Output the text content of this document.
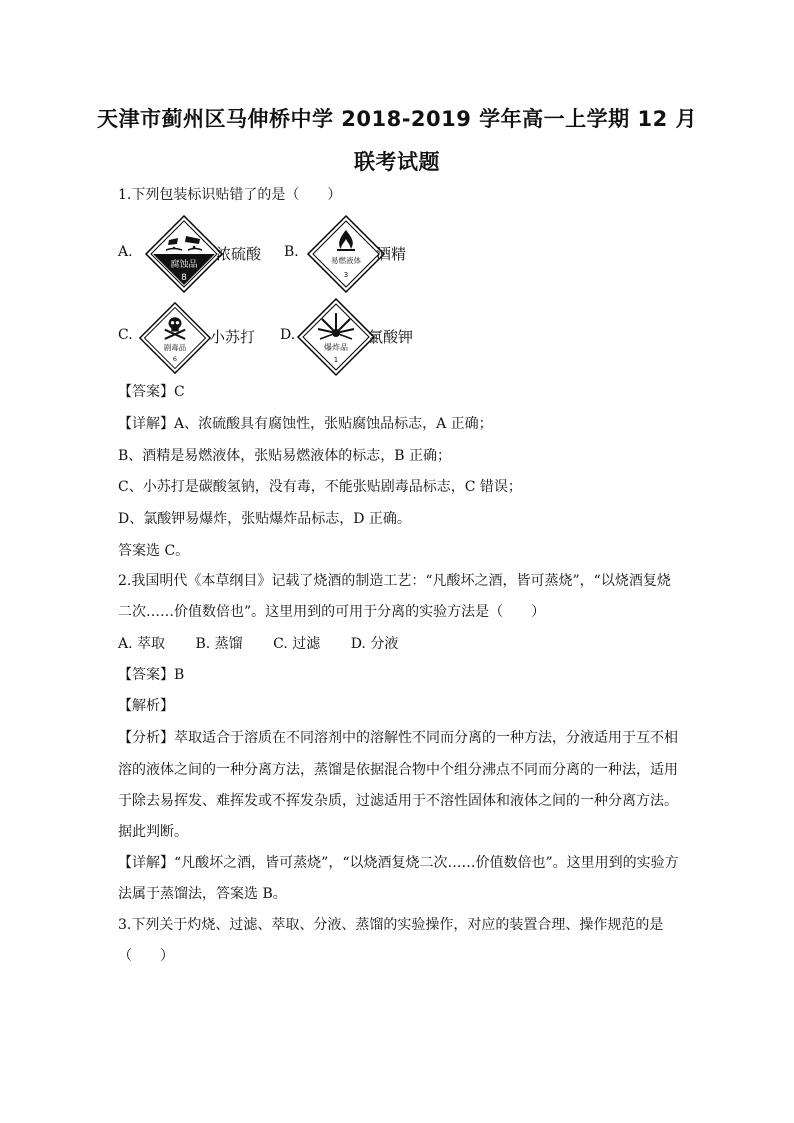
天津市蓟州区马伸桥中学 2018-2019 学年高一上学期 12 月
联考试题
1.下列包装标识贴错了的是（　　）
A.
腐蚀品
8
浓硫酸 B.
易燃液体
3
酒精
C.
剧毒品
6
小苏打 D.
爆炸品
1
氯酸钾
【答案】C
【详解】A、浓硫酸具有腐蚀性，张贴腐蚀品标志，A 正确；
B、酒精是易燃液体，张贴易燃液体的标志，B 正确；
C、小苏打是碳酸氢钠，没有毒，不能张贴剧毒品标志，C 错误；
D、氯酸钾易爆炸，张贴爆炸品标志，D 正确。
答案选 C。
2.我国明代《本草纲目》记载了烧酒的制造工艺：“凡酸坏之酒，皆可蒸烧”，“以烧酒复烧
二次……价值数倍也”。这里用到的可用于分离的实验方法是（　　）
A. 萃取 B. 蒸馏 C. 过滤 D. 分液
【答案】B
【解析】
【分析】萃取适合于溶质在不同溶剂中的溶解性不同而分离的一种方法，分液适用于互不相
溶的液体之间的一种分离方法，蒸馏是依据混合物中个组分沸点不同而分离的一种法，适用
于除去易挥发、难挥发或不挥发杂质，过滤适用于不溶性固体和液体之间的一种分离方法。
据此判断。
【详解】“凡酸坏之酒，皆可蒸烧”，“以烧酒复烧二次……价值数倍也”。这里用到的实验方
法属于蒸馏法，答案选 B。
3.下列关于灼烧、过滤、萃取、分液、蒸馏的实验操作，对应的装置合理、操作规范的是
（　　）
